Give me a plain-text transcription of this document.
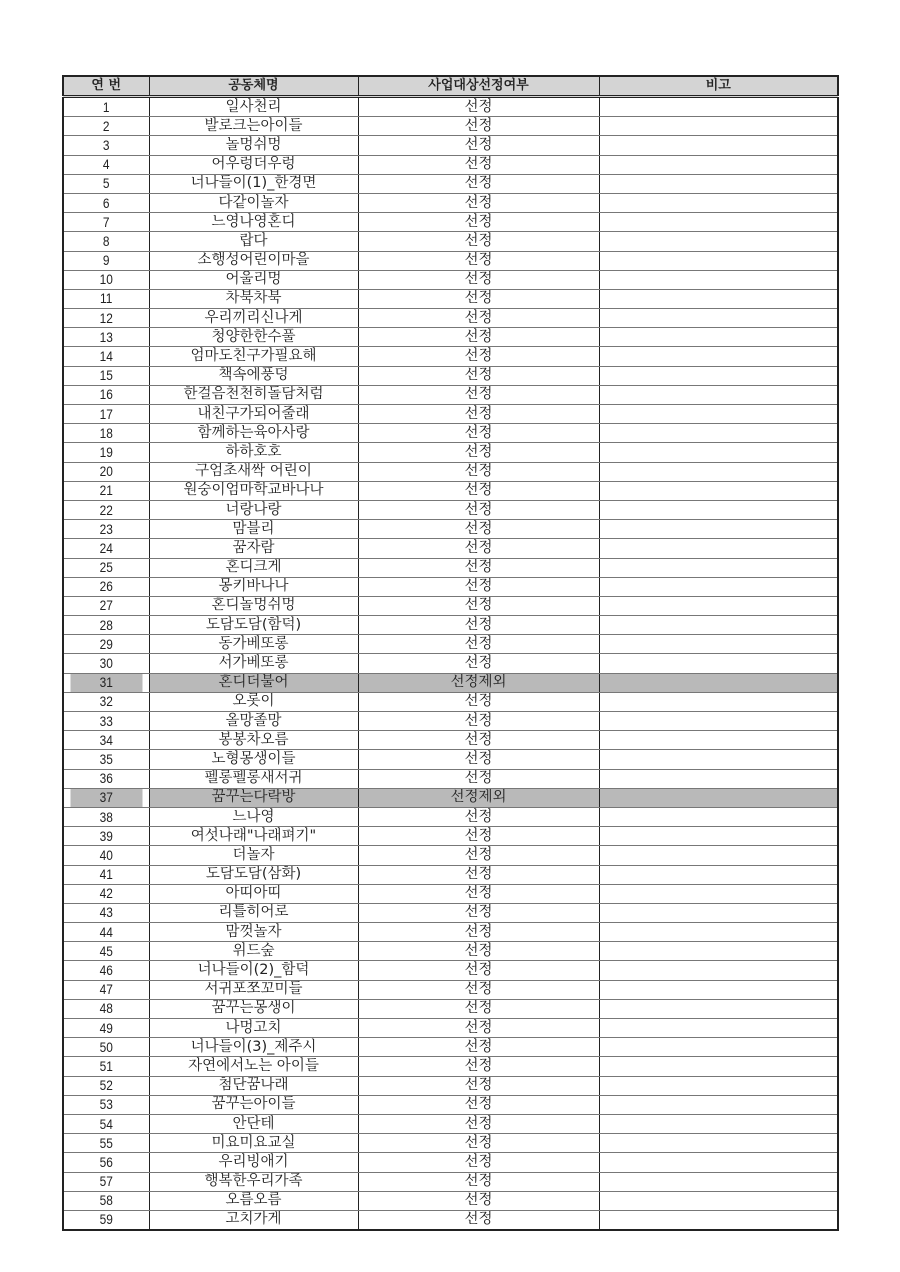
연 번	공동체명	사업대상선정여부	비고
1	일사천리	선정	
2	발로크는아이들	선정	
3	놀멍쉬멍	선정	
4	어우렁더우렁	선정	
5	너나들이(1)_한경면	선정	
6	다같이놀자	선정	
7	느영나영혼디	선정	
8	랍다	선정	
9	소행성어린이마을	선정	
10	어울리멍	선정	
11	차북차북	선정	
12	우리끼리신나게	선정	
13	청양한한수풀	선정	
14	엄마도친구가필요해	선정	
15	책속에풍덩	선정	
16	한걸음천천히돌담처럼	선정	
17	내친구가되어줄래	선정	
18	함께하는육아사랑	선정	
19	하하호호	선정	
20	구엄초새싹 어린이	선정	
21	원숭이엄마학교바나나	선정	
22	너랑나랑	선정	
23	맘블리	선정	
24	꿈자람	선정	
25	혼디크게	선정	
26	몽키바나나	선정	
27	혼디놀멍쉬멍	선정	
28	도담도담(함덕)	선정	
29	동가베또롱	선정	
30	서가베또롱	선정	
31	혼디더불어	선정제외	
32	오롯이	선정	
33	올망졸망	선정	
34	봉봉차오름	선정	
35	노형몽생이들	선정	
36	펠롱펠롱새서귀	선정	
37	꿈꾸는다락방	선정제외	
38	느나영	선정	
39	여섯나래"나래펴기"	선정	
40	더놀자	선정	
41	도담도담(삼화)	선정	
42	아띠아띠	선정	
43	리틀히어로	선정	
44	맘껏놀자	선정	
45	위드숲	선정	
46	너나들이(2)_함덕	선정	
47	서귀포쪼꼬미들	선정	
48	꿈꾸는몽생이	선정	
49	나멍고치	선정	
50	너나들이(3)_제주시	선정	
51	자연에서노는 아이들	선정	
52	첨단꿈나래	선정	
53	꿈꾸는아이들	선정	
54	안단테	선정	
55	미요미요교실	선정	
56	우리빙애기	선정	
57	행복한우리가족	선정	
58	오름오름	선정	
59	고치가게	선정	
